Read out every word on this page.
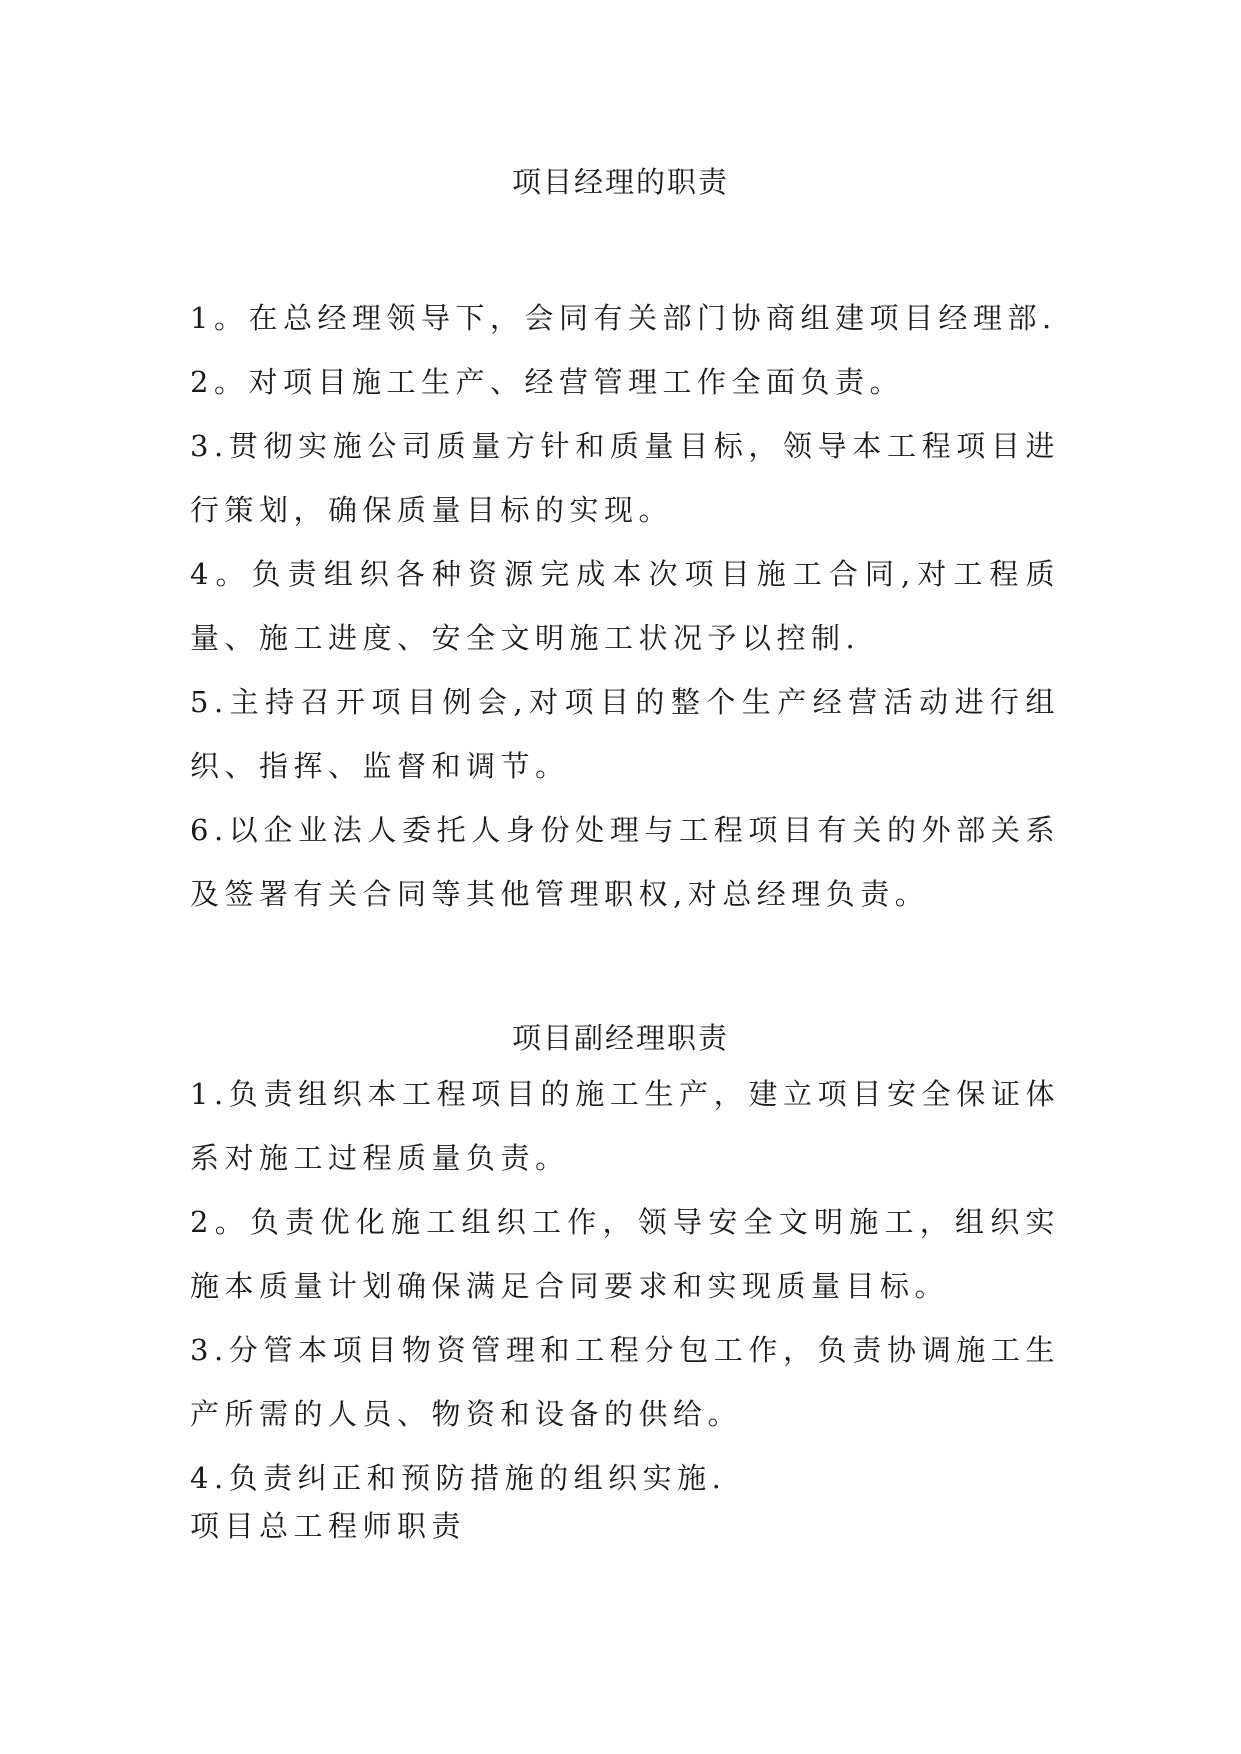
项目经理的职责

1。在总经理领导下，会同有关部门协商组建项目经理部.

2。对项目施工生产、经营管理工作全面负责。

3.贯彻实施公司质量方针和质量目标，领导本工程项目进行策划，确保质量目标的实现。

4。负责组织各种资源完成本次项目施工合同,对工程质量、施工进度、安全文明施工状况予以控制.

5.主持召开项目例会,对项目的整个生产经营活动进行组织、指挥、监督和调节。

6.以企业法人委托人身份处理与工程项目有关的外部关系及签署有关合同等其他管理职权,对总经理负责。

项目副经理职责

1.负责组织本工程项目的施工生产，建立项目安全保证体系对施工过程质量负责。

2。负责优化施工组织工作，领导安全文明施工，组织实施本质量计划确保满足合同要求和实现质量目标。

3.分管本项目物资管理和工程分包工作，负责协调施工生产所需的人员、物资和设备的供给。

4.负责纠正和预防措施的组织实施.

项目总工程师职责
